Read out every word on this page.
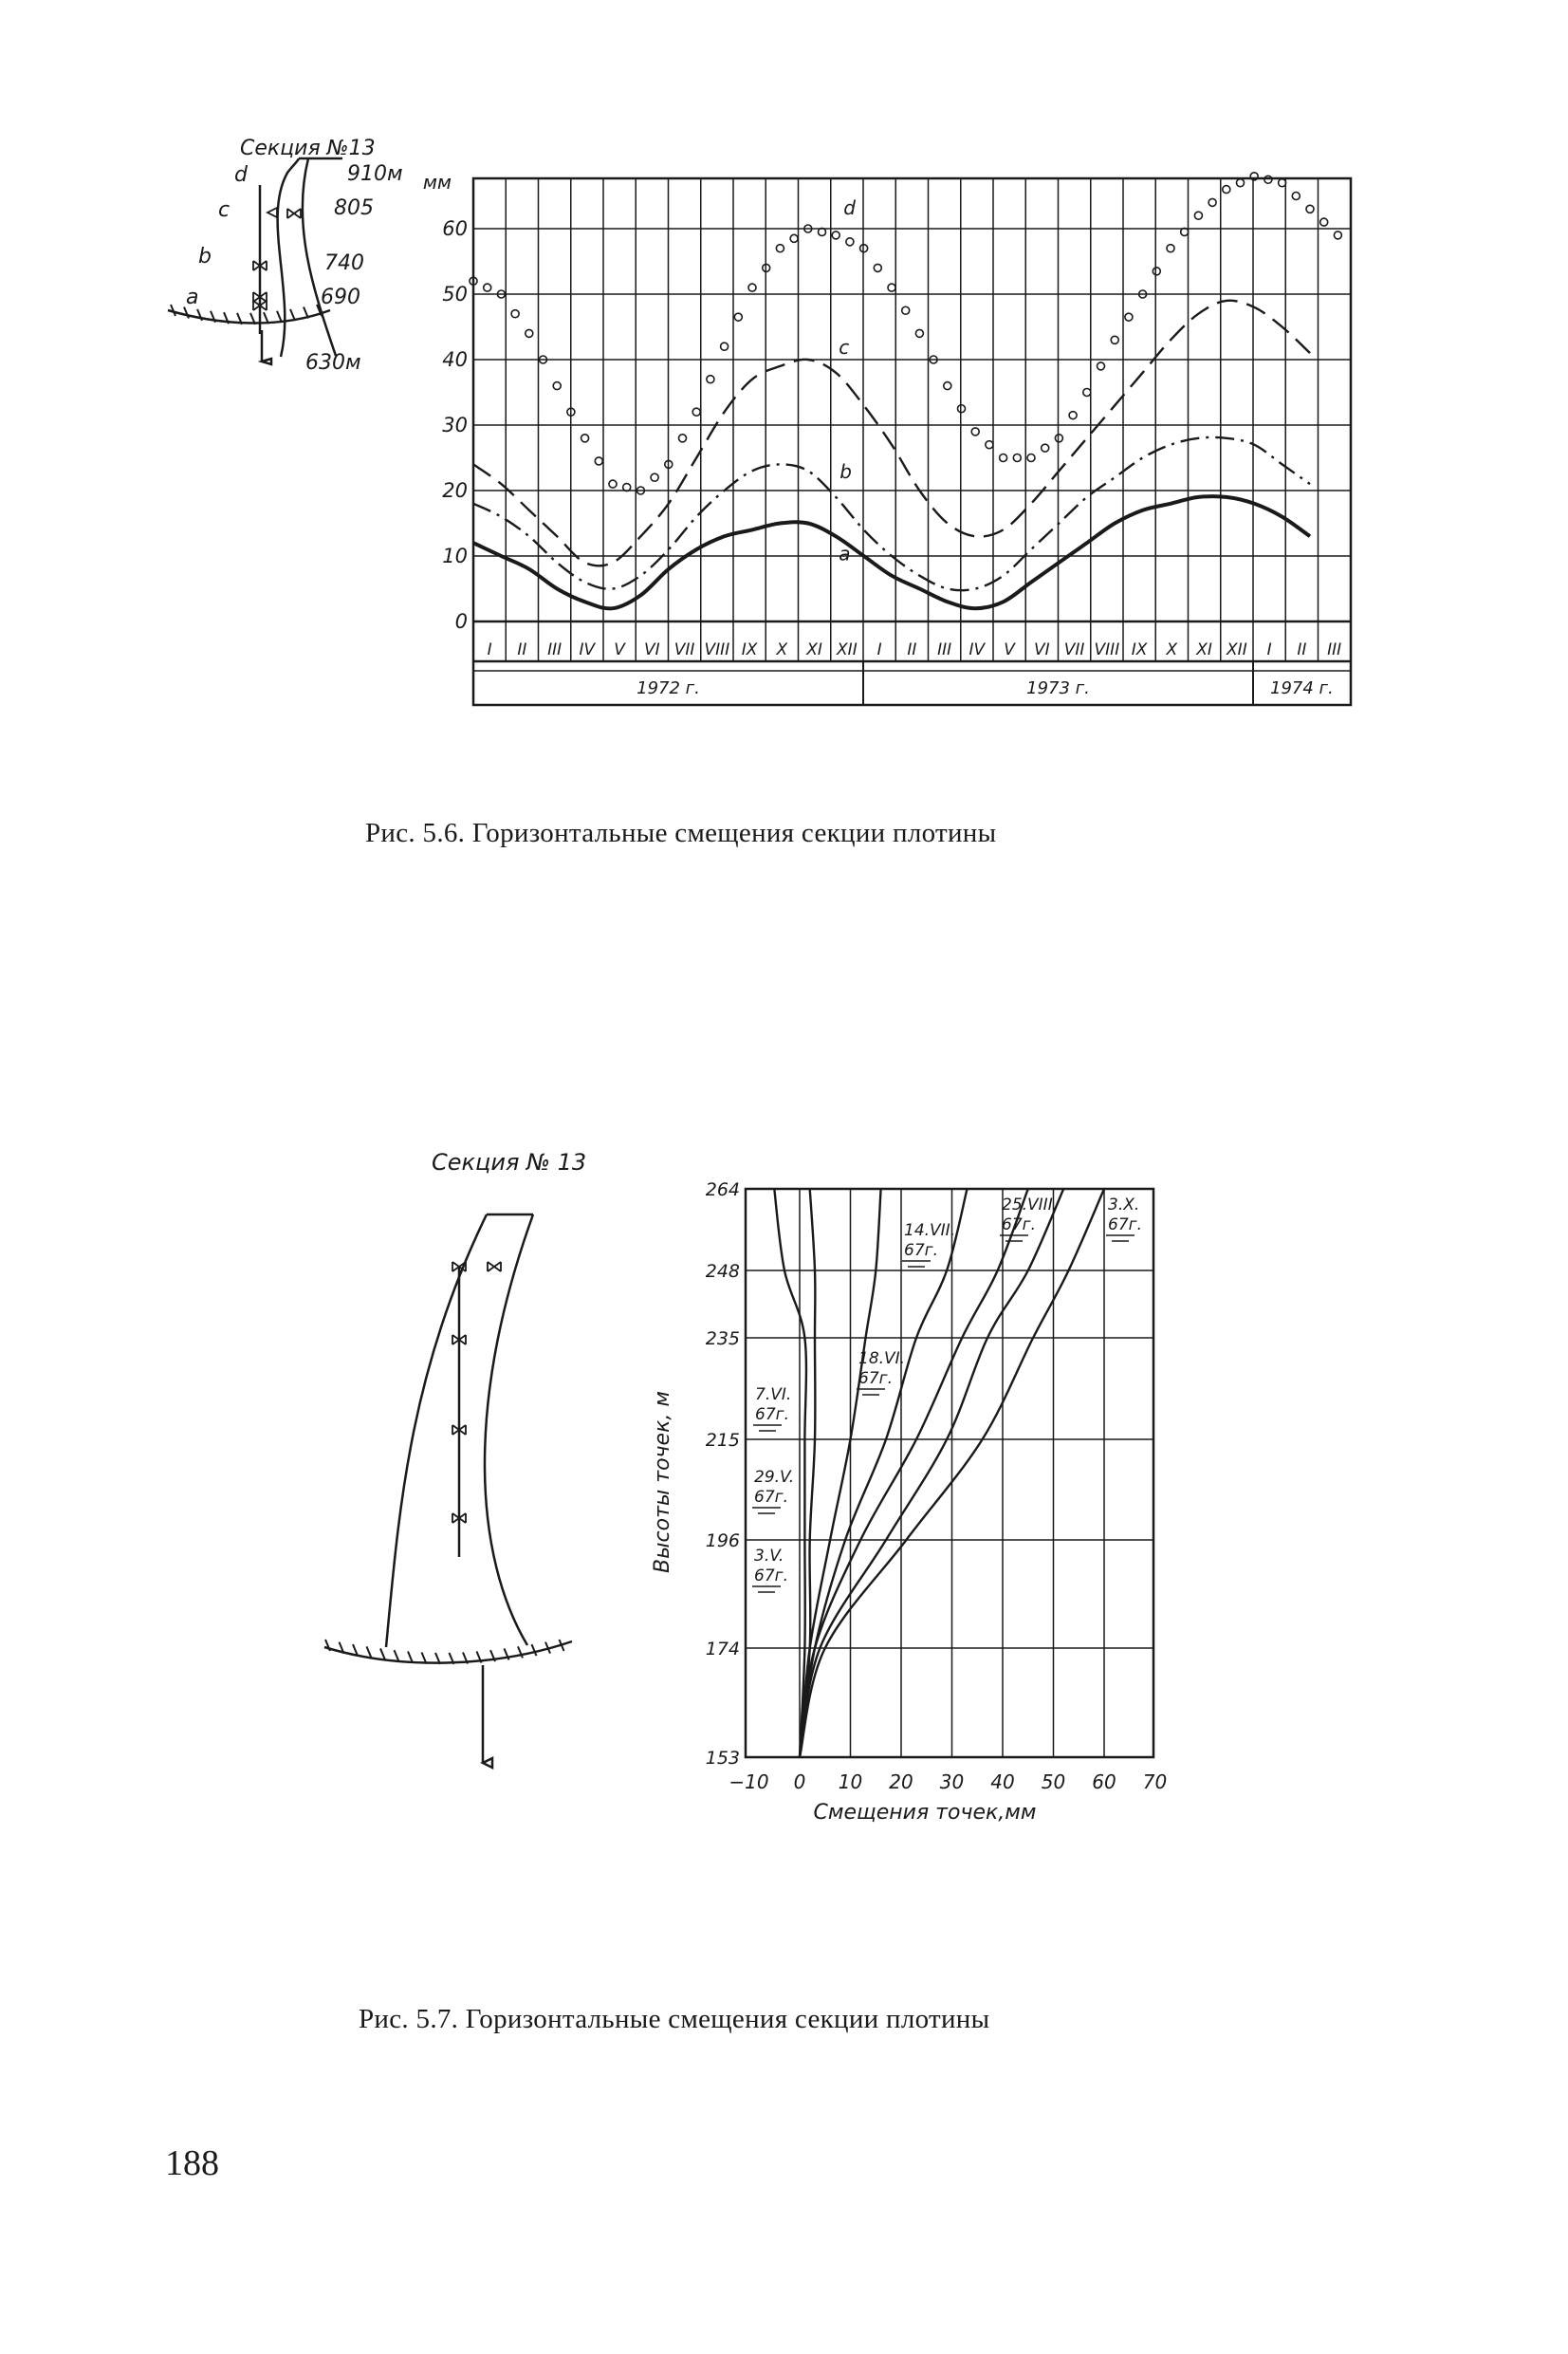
Секция №13
d	910м
c	805
b	740
a	690
630м
0
10
20
30
40
50
60
I II III IV V VI VII VIII IX X XI XII I II III IV V VI VII VIII IX X XI XII I II III
1972 г.	1973 г.	1974 г.
d
c
b
a
мм
Секция № 13
153
174
196
215
235
248
264
−10 0 10 20 30 40 50 60 70
3.V.
67г.
29.V.
67г.
7.VI.
67г.
18.VI.
67г.
14.VII.
67г.
25.VIII.
67г.
3.X.
67г.
Смещения точек,мм
Высоты точек, м
Рис. 5.6. Горизонтальные смещения секции плотины
Рис. 5.7. Горизонтальные смещения секции плотины
188
